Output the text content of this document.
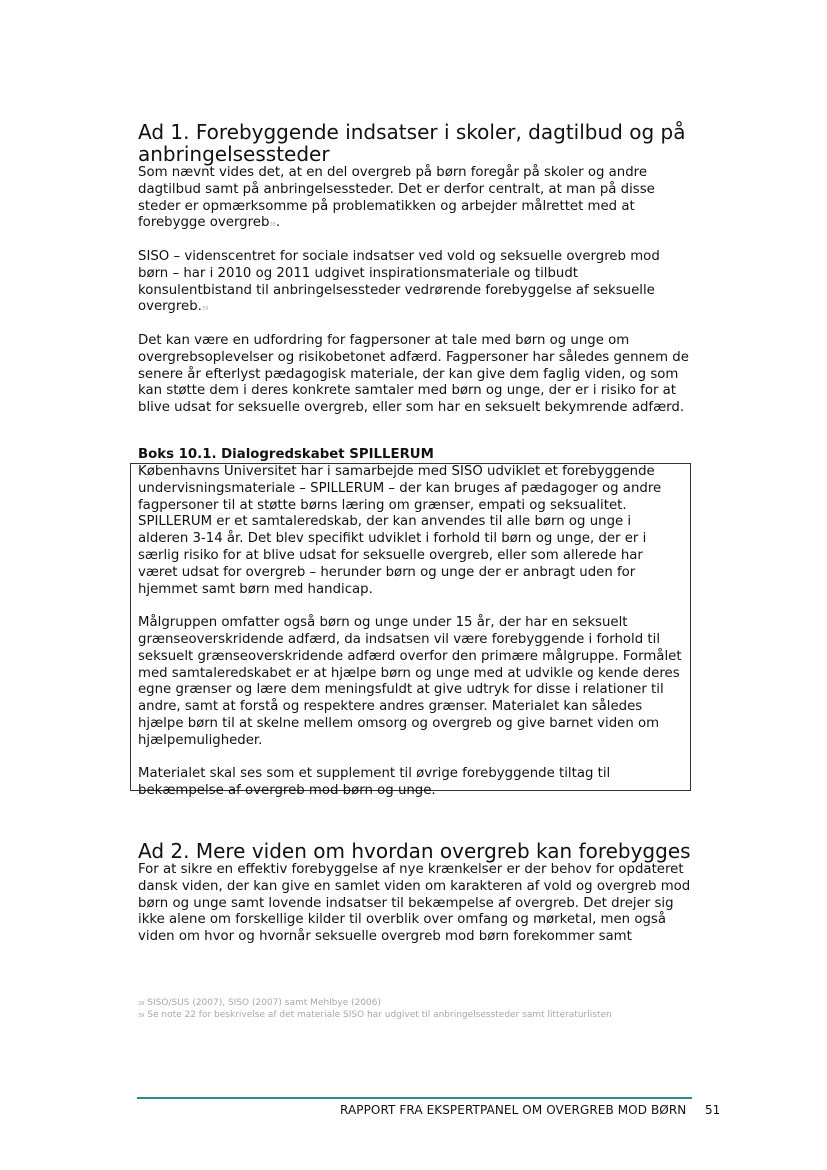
Ad 1. Forebyggende indsatser i skoler, dagtilbud og på anbringelsessteder

Som nævnt vides det, at en del overgreb på børn foregår på skoler og andre dagtilbud samt på anbringelsessteder. Det er derfor centralt, at man på disse steder er opmærksomme på problematikken og arbejder målrettet med at forebygge overgreb$^{38}$.

SISO – videnscentret for sociale indsatser ved vold og seksuelle overgreb mod børn – har i 2010 og 2011 udgivet inspirationsmateriale og tilbudt konsulentbistand til anbringelsessteder vedrørende forebyggelse af seksuelle overgreb.$^{39}$

Det kan være en udfordring for fagpersoner at tale med børn og unge om overgrebsoplevelser og risikobetonet adfærd. Fagpersoner har således gennem de senere år efterlyst pædagogisk materiale, der kan give dem faglig viden, og som kan støtte dem i deres konkrete samtaler med børn og unge, der er i risiko for at blive udsat for seksuelle overgreb, eller som har en seksuelt bekymrende adfærd.

Boks 10.1. Dialogredskabet SPILLERUM

Københavns Universitet har i samarbejde med SISO udviklet et forebyggende undervisningsmateriale – SPILLERUM – der kan bruges af pædagoger og andre fagpersoner til at støtte børns læring om grænser, empati og seksualitet. SPILLERUM er et samtaleredskab, der kan anvendes til alle børn og unge i alderen 3-14 år. Det blev specifikt udviklet i forhold til børn og unge, der er i særlig risiko for at blive udsat for seksuelle overgreb, eller som allerede har været udsat for overgreb – herunder børn og unge der er anbragt uden for hjemmet samt børn med handicap.

Målgruppen omfatter også børn og unge under 15 år, der har en seksuelt grænseoverskridende adfærd, da indsatsen vil være forebyggende i forhold til seksuelt grænseoverskridende adfærd overfor den primære målgruppe. Formålet med samtaleredskabet er at hjælpe børn og unge med at udvikle og kende deres egne grænser og lære dem meningsfuldt at give udtryk for disse i relationer til andre, samt at forstå og respektere andres grænser. Materialet kan således hjælpe børn til at skelne mellem omsorg og overgreb og give barnet viden om hjælpemuligheder.

Materialet skal ses som et supplement til øvrige forebyggende tiltag til bekæmpelse af overgreb mod børn og unge.

Ad 2. Mere viden om hvordan overgreb kan forebygges

For at sikre en effektiv forebyggelse af nye krænkelser er der behov for opdateret dansk viden, der kan give en samlet viden om karakteren af vold og overgreb mod børn og unge samt lovende indsatser til bekæmpelse af overgreb. Det drejer sig ikke alene om forskellige kilder til overblik over omfang og mørketal, men også viden om hvor og hvornår seksuelle overgreb mod børn forekommer samt

$^{38}$ SISO/SUS (2007), SISO (2007) samt Mehlbye (2006)
$^{39}$ Se note 22 for beskrivelse af det materiale SISO har udgivet til anbringelsessteder samt litteraturlisten
RAPPORT FRA EKSPERTPANEL OM OVERGREB MOD BØRN 51
